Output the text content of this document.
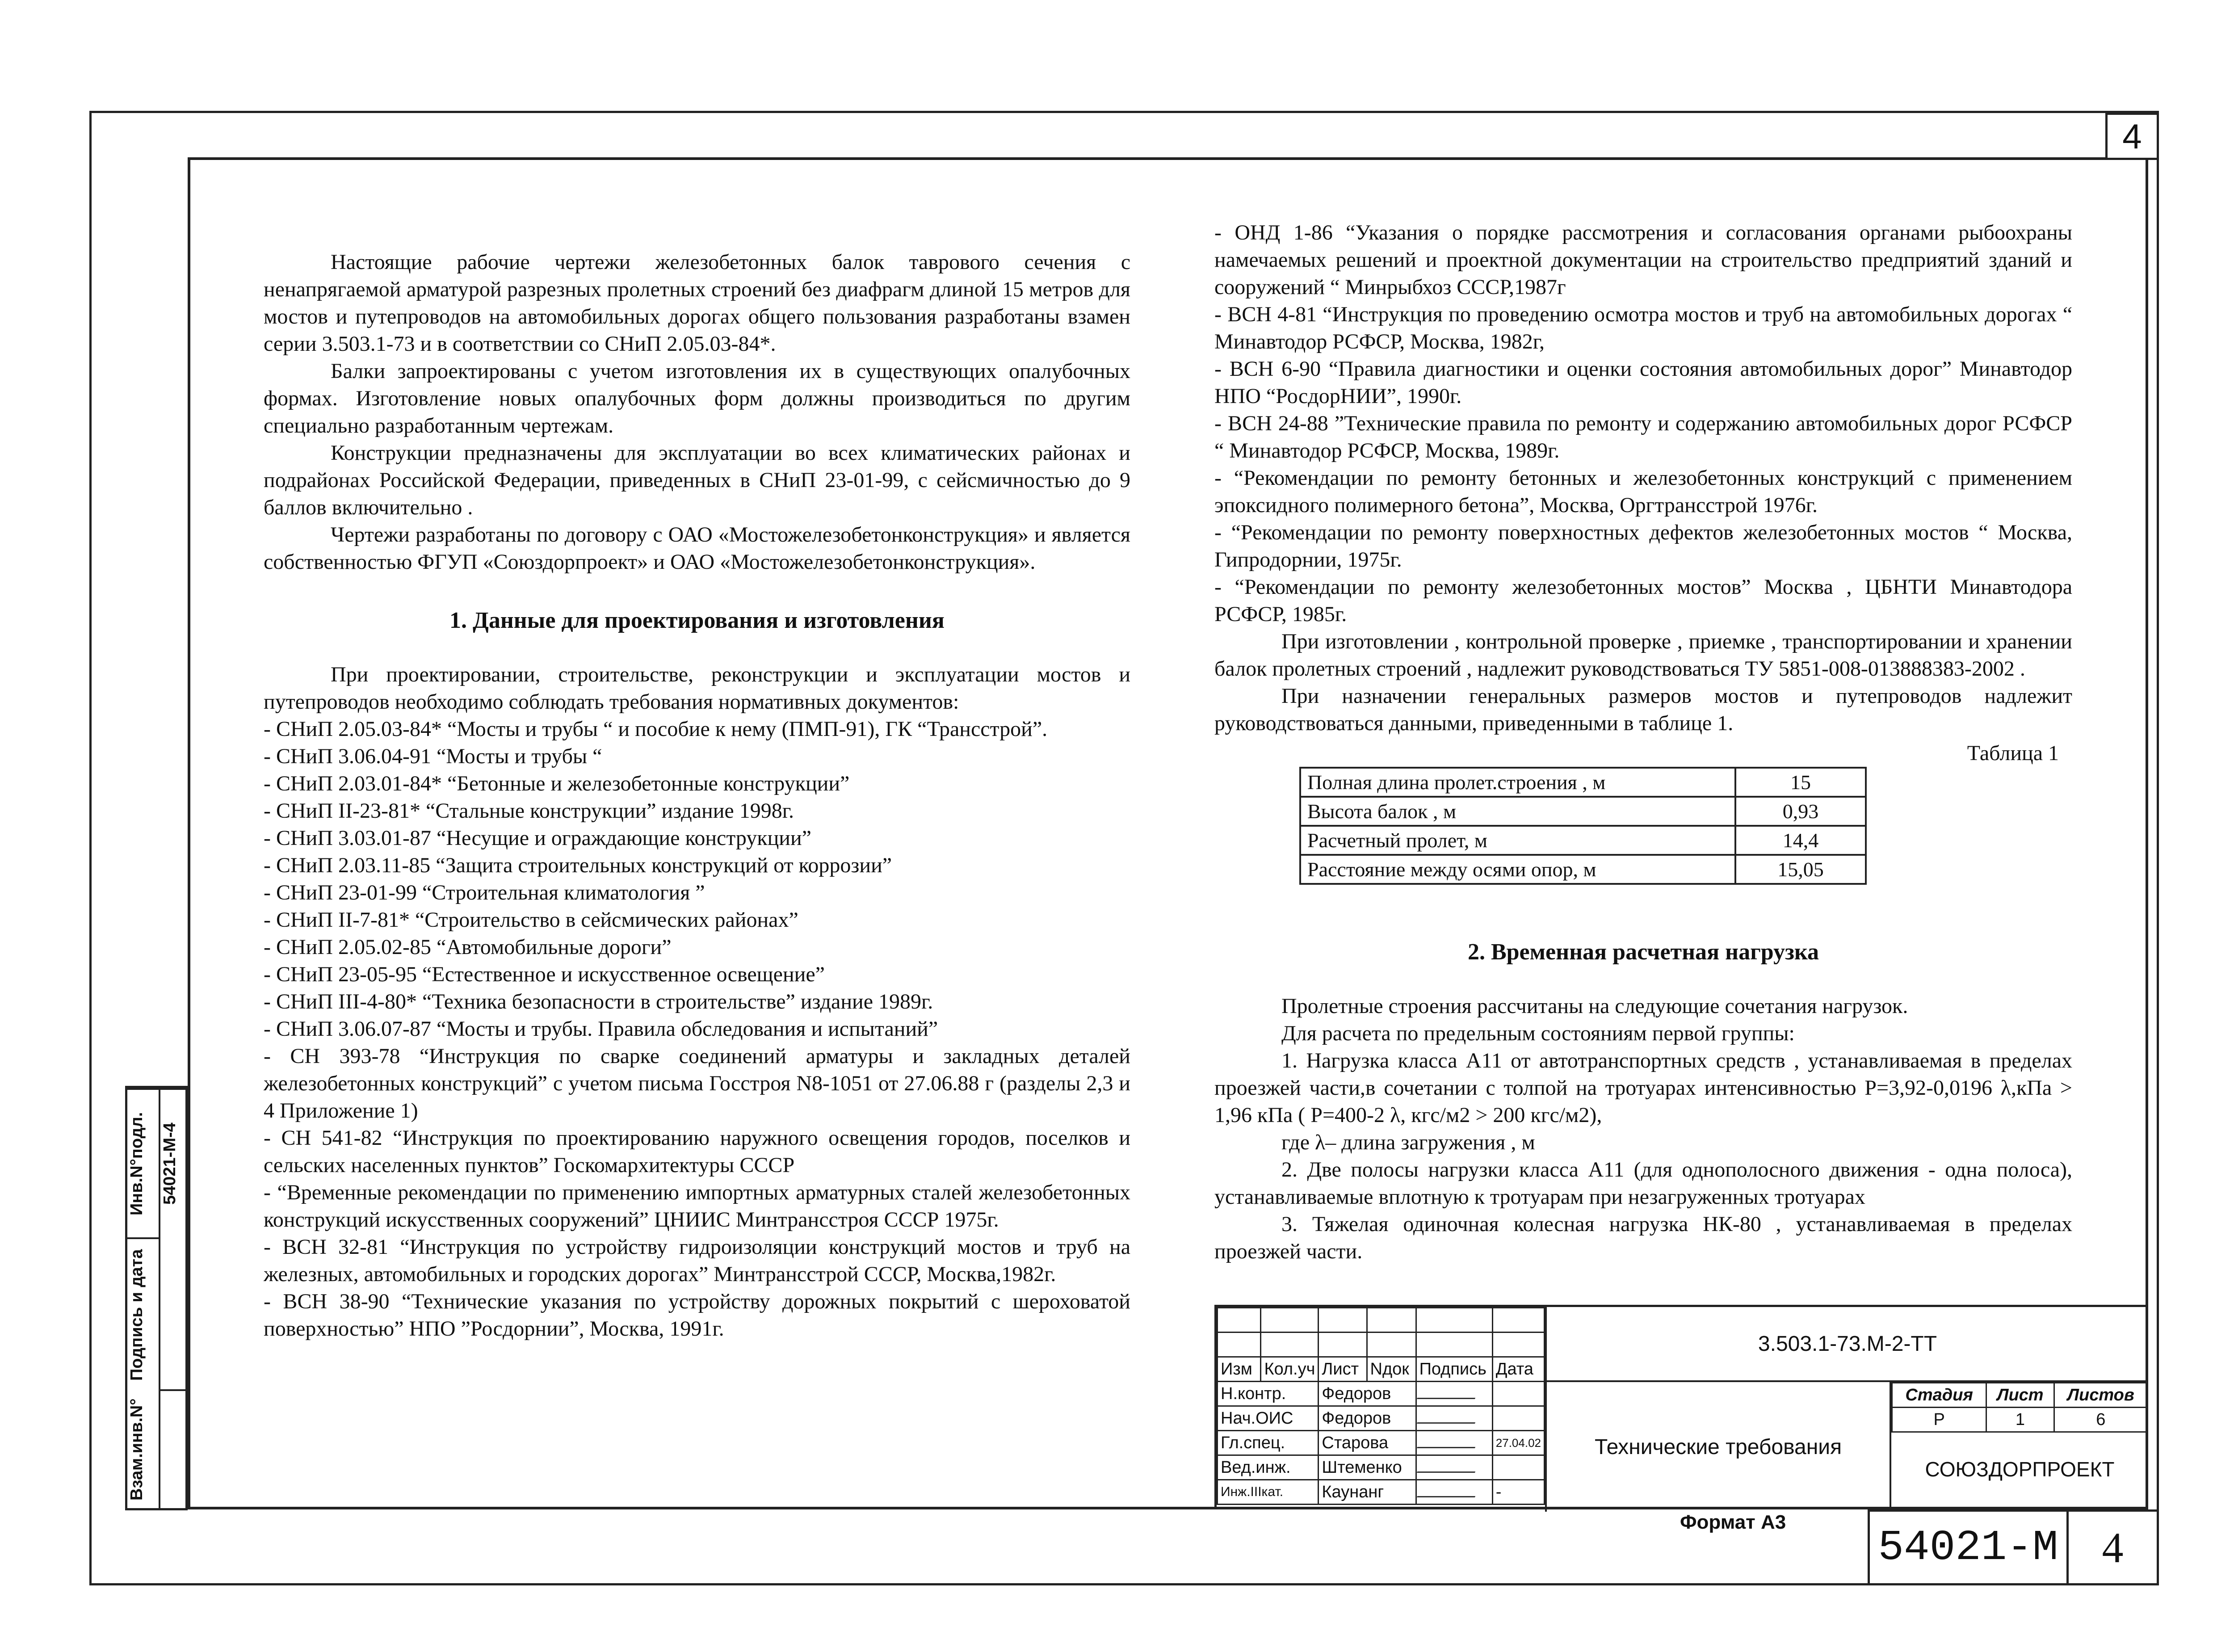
4
Инв.N°подл.
Подпись и дата
Взам.инв.N°
54021-М-4

Настоящие рабочие чертежи железобетонных балок таврового сечения с ненапрягаемой арматурой разрезных пролетных строений без диафрагм длиной 15 метров для мостов и путепроводов на автомобильных дорогах общего пользования разработаны взамен серии 3.503.1-73 и в соответствии со СНиП 2.05.03-84*.

Балки запроектированы с учетом изготовления их в существующих опалубочных формах. Изготовление новых опалубочных форм должны производиться по другим специально разработанным чертежам.

Конструкции предназначены для эксплуатации во всех климатических районах и подрайонах Российской Федерации, приведенных в СНиП 23-01-99, с сейсмичностью до 9 баллов включительно .

Чертежи разработаны по договору с ОАО «Мостожелезобетонконструкция» и является собственностью ФГУП «Союздорпроект» и ОАО «Мостожелезобетонконструкция».

1. Данные для проектирования и изготовления

При проектировании, строительстве, реконструкции и эксплуатации мостов и путепроводов необходимо соблюдать требования нормативных документов:

- СНиП 2.05.03-84* “Мосты и трубы “ и пособие к нему (ПМП-91), ГК “Трансстрой”.

- СНиП 3.06.04-91 “Мосты и трубы “

- СНиП 2.03.01-84* “Бетонные и железобетонные конструкции”

- СНиП II-23-81* “Стальные конструкции” издание 1998г.

- СНиП 3.03.01-87 “Несущие и ограждающие конструкции”

- СНиП 2.03.11-85 “Защита строительных конструкций от коррозии”

- СНиП 23-01-99 “Строительная климатология ”

- СНиП II-7-81* “Строительство в сейсмических районах”

- СНиП 2.05.02-85 “Автомобильные дороги”

- СНиП 23-05-95 “Естественное и искусственное освещение”

- СНиП III-4-80* “Техника безопасности в строительстве” издание 1989г.

- СНиП 3.06.07-87 “Мосты и трубы. Правила обследования и испытаний”

- СН 393-78 “Инструкция по сварке соединений арматуры и закладных деталей железобетонных конструкций” с учетом письма Госстроя N8-1051 от 27.06.88 г (разделы 2,3 и 4 Приложение 1)

- СН 541-82 “Инструкция по проектированию наружного освещения городов, поселков и сельских населенных пунктов” Госкомархитектуры СССР

- “Временные рекомендации по применению импортных арматурных сталей железобетонных конструкций искусственных сооружений” ЦНИИС Минтрансстроя СССР 1975г.

- ВСН 32-81 “Инструкция по устройству гидроизоляции конструкций мостов и труб на железных, автомобильных и городских дорогах” Минтрансстрой СССР, Москва,1982г.

- ВСН 38-90 “Технические указания по устройству дорожных покрытий с шероховатой поверхностью” НПО ”Росдорнии”, Москва, 1991г.

- ОНД 1-86 “Указания о порядке рассмотрения и согласования органами рыбоохраны намечаемых решений и проектной документации на строительство предприятий зданий и сооружений “ Минрыбхоз СССР,1987г

- ВСН 4-81 “Инструкция по проведению осмотра мостов и труб на автомобильных дорогах “ Минавтодор РСФСР, Москва, 1982г,

- ВСН 6-90 “Правила диагностики и оценки состояния автомобильных дорог” Минавтодор НПО “РосдорНИИ”, 1990г.

- ВСН 24-88 ”Технические правила по ремонту и содержанию автомобильных дорог РСФСР “ Минавтодор РСФСР, Москва, 1989г.

- “Рекомендации по ремонту бетонных и железобетонных конструкций с применением эпоксидного полимерного бетона”, Москва, Оргтрансстрой 1976г.

- “Рекомендации по ремонту поверхностных дефектов железобетонных мостов “ Москва, Гипродорнии, 1975г.

- “Рекомендации по ремонту железобетонных мостов” Москва , ЦБНТИ Минавтодора РСФСР, 1985г.

При изготовлении , контрольной проверке , приемке , транспортировании и хранении балок пролетных строений , надлежит руководствоваться ТУ 5851-008-013888383-2002 .

При назначении генеральных размеров мостов и путепроводов надлежит руководствоваться данными, приведенными в таблице 1.

Таблица 1
Полная длина пролет.строения , м	15
Высота балок , м	0,93
Расчетный пролет, м	14,4
Расстояние между осями опор, м	15,05
2. Временная расчетная нагрузка

Пролетные строения рассчитаны на следующие сочетания нагрузок.

Для расчета по предельным состояниям первой группы:

1. Нагрузка класса А11 от автотранспортных средств , устанавливаемая в пределах проезжей части,в сочетании с толпой на тротуарах интенсивностью Р=3,92-0,0196 λ,кПа > 1,96 кПа ( Р=400-2 λ, кгс/м2 > 200 кгс/м2),

где λ– длина загружения , м

2. Две полосы нагрузки класса А11 (для однополосного движения - одна полоса), устанавливаемые вплотную к тротуарам при незагруженных тротуарах

3. Тяжелая одиночная колесная нагрузка НК-80 , устанавливаемая в пределах проезжей части.

Изм	Кол.уч	Лист	Nдок	Подпись	Дата
Н.контр.		Федоров			
Нач.ОИС		Федоров			
Гл.спец.		Старова			27.04.02
Вед.инж.		Штеменко			
Инж.IIIкат.		Каунанг			-
3.503.1-73.М-2-ТТ
Технические требования
Стадия	Лист	Листов
Р	1	6
СОЮЗДОРПРОЕКТ
Формат А3
54021-М	4
